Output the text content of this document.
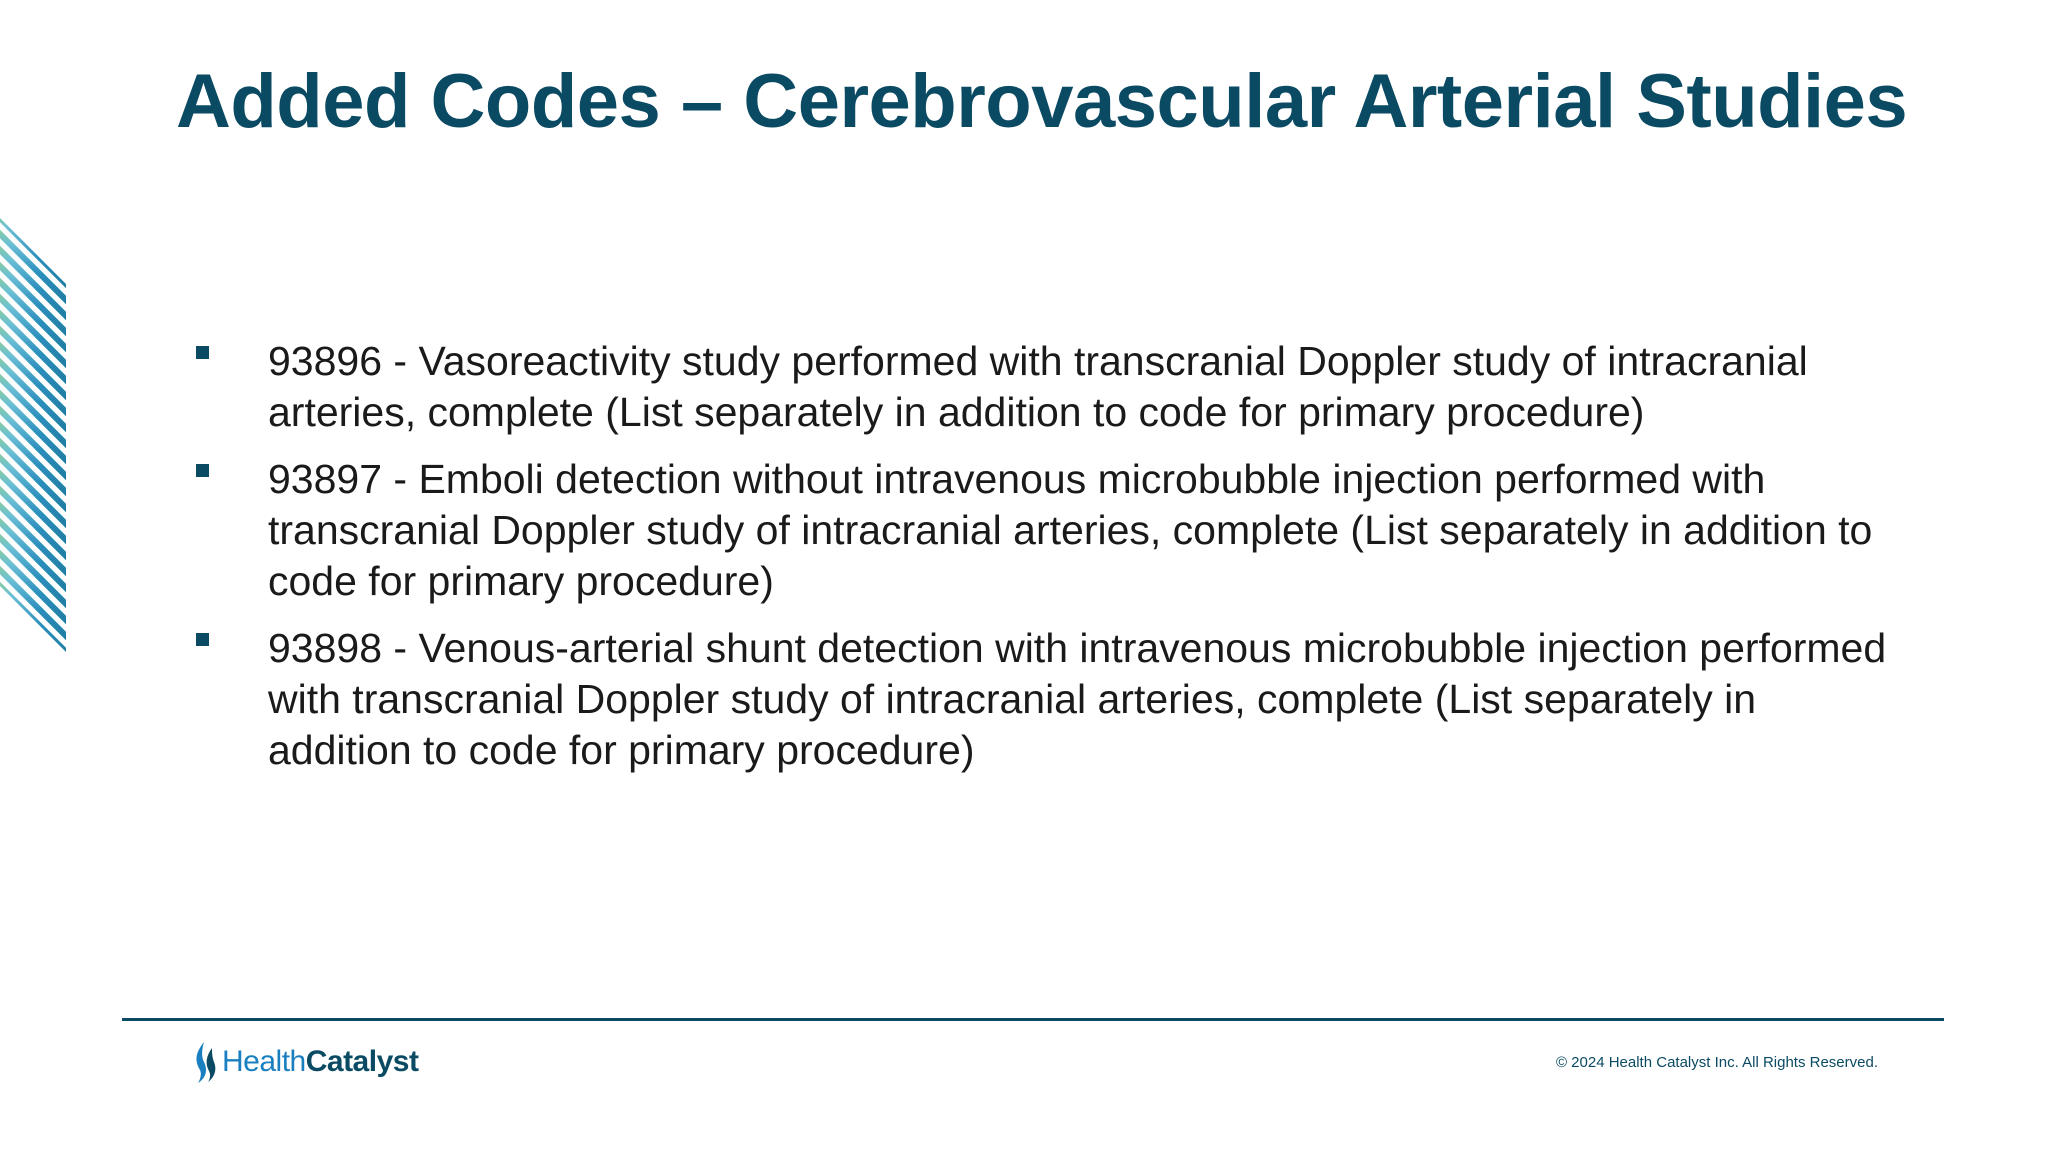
Added Codes – Cerebrovascular Arterial Studies
93896 - Vasoreactivity study performed with transcranial Doppler study of intracranial arteries, complete (List separately in addition to code for primary procedure)
93897 - Emboli detection without intravenous microbubble injection performed with transcranial Doppler study of intracranial arteries, complete (List separately in addition to code for primary procedure)
93898 - Venous-arterial shunt detection with intravenous microbubble injection performed with transcranial Doppler study of intracranial arteries, complete (List separately in addition to code for primary procedure)
Health Catalyst	© 2024 Health Catalyst Inc. All Rights Reserved.
